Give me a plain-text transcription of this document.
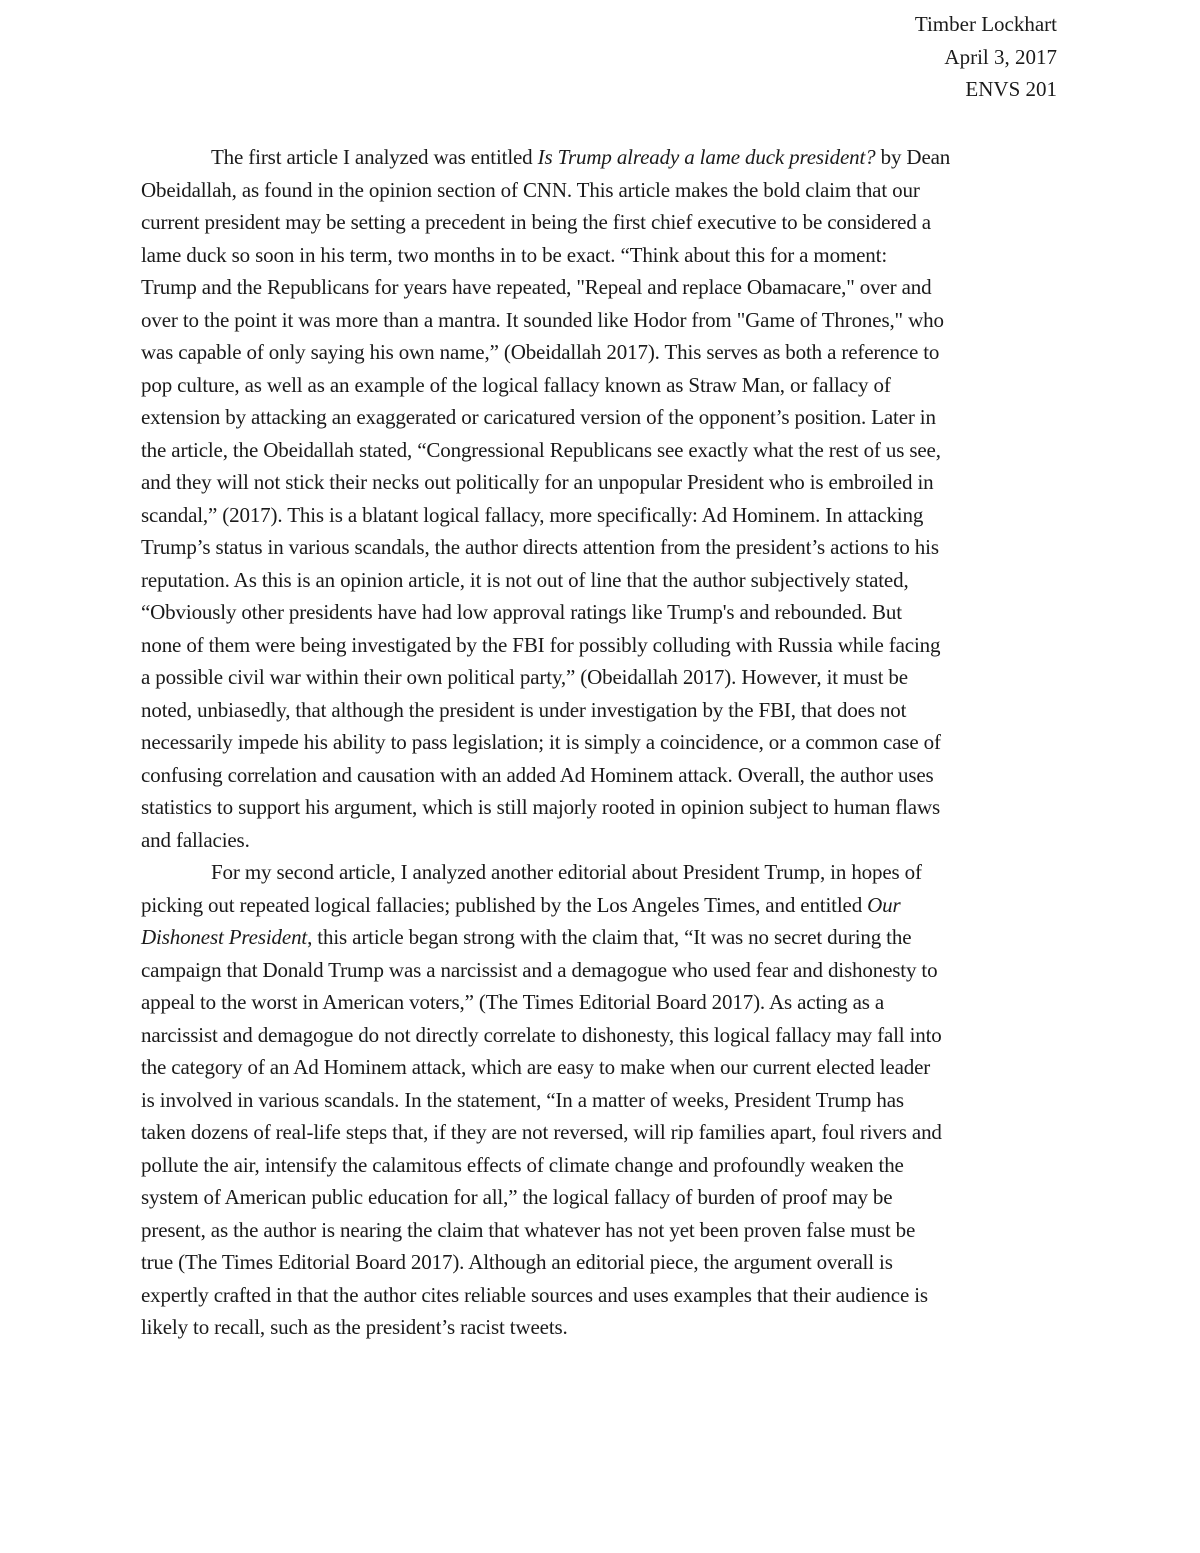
Timber Lockhart
April 3, 2017
ENVS 201
The first article I analyzed was entitled Is Trump already a lame duck president? by Dean
Obeidallah, as found in the opinion section of CNN. This article makes the bold claim that our
current president may be setting a precedent in being the first chief executive to be considered a
lame duck so soon in his term, two months in to be exact. “Think about this for a moment:
Trump and the Republicans for years have repeated, "Repeal and replace Obamacare," over and
over to the point it was more than a mantra. It sounded like Hodor from "Game of Thrones," who
was capable of only saying his own name,” (Obeidallah 2017). This serves as both a reference to
pop culture, as well as an example of the logical fallacy known as Straw Man, or fallacy of
extension by attacking an exaggerated or caricatured version of the opponent’s position. Later in
the article, the Obeidallah stated, “Congressional Republicans see exactly what the rest of us see,
and they will not stick their necks out politically for an unpopular President who is embroiled in
scandal,” (2017). This is a blatant logical fallacy, more specifically: Ad Hominem. In attacking
Trump’s status in various scandals, the author directs attention from the president’s actions to his
reputation. As this is an opinion article, it is not out of line that the author subjectively stated,
“Obviously other presidents have had low approval ratings like Trump's and rebounded. But
none of them were being investigated by the FBI for possibly colluding with Russia while facing
a possible civil war within their own political party,” (Obeidallah 2017). However, it must be
noted, unbiasedly, that although the president is under investigation by the FBI, that does not
necessarily impede his ability to pass legislation; it is simply a coincidence, or a common case of
confusing correlation and causation with an added Ad Hominem attack. Overall, the author uses
statistics to support his argument, which is still majorly rooted in opinion subject to human flaws
and fallacies.
For my second article, I analyzed another editorial about President Trump, in hopes of
picking out repeated logical fallacies; published by the Los Angeles Times, and entitled Our
Dishonest President, this article began strong with the claim that, “It was no secret during the
campaign that Donald Trump was a narcissist and a demagogue who used fear and dishonesty to
appeal to the worst in American voters,” (The Times Editorial Board 2017). As acting as a
narcissist and demagogue do not directly correlate to dishonesty, this logical fallacy may fall into
the category of an Ad Hominem attack, which are easy to make when our current elected leader
is involved in various scandals. In the statement, “In a matter of weeks, President Trump has
taken dozens of real-life steps that, if they are not reversed, will rip families apart, foul rivers and
pollute the air, intensify the calamitous effects of climate change and profoundly weaken the
system of American public education for all,” the logical fallacy of burden of proof may be
present, as the author is nearing the claim that whatever has not yet been proven false must be
true (The Times Editorial Board 2017). Although an editorial piece, the argument overall is
expertly crafted in that the author cites reliable sources and uses examples that their audience is
likely to recall, such as the president’s racist tweets.
